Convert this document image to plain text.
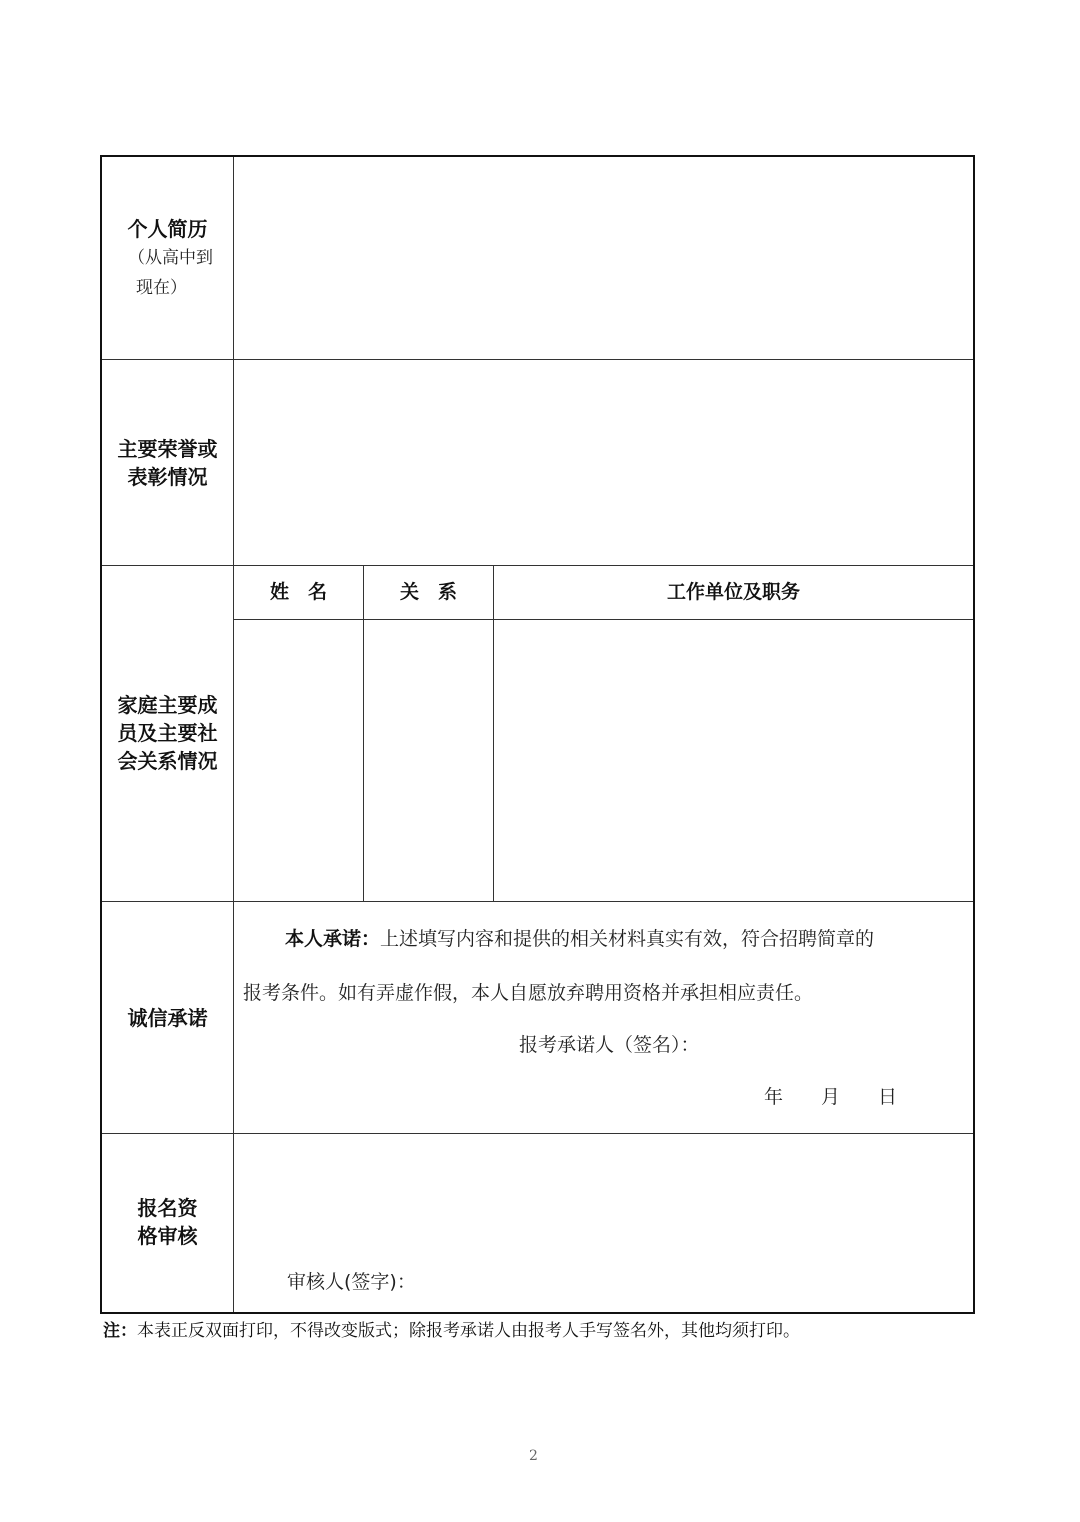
个人简历
（从高中到
现在）
主要荣誉或
表彰情况
家庭主要成
员及主要社
会关系情况
姓　名	关　系	工作单位及职务
诚信承诺
本人承诺：上述填写内容和提供的相关材料真实有效，符合招聘简章的
报考条件。如有弄虚作假，本人自愿放弃聘用资格并承担相应责任。
报考承诺人（签名）：
年　　月　　日
报名资
格审核
审核人(签字)：
注：本表正反双面打印，不得改变版式；除报考承诺人由报考人手写签名外，其他均须打印。
2
